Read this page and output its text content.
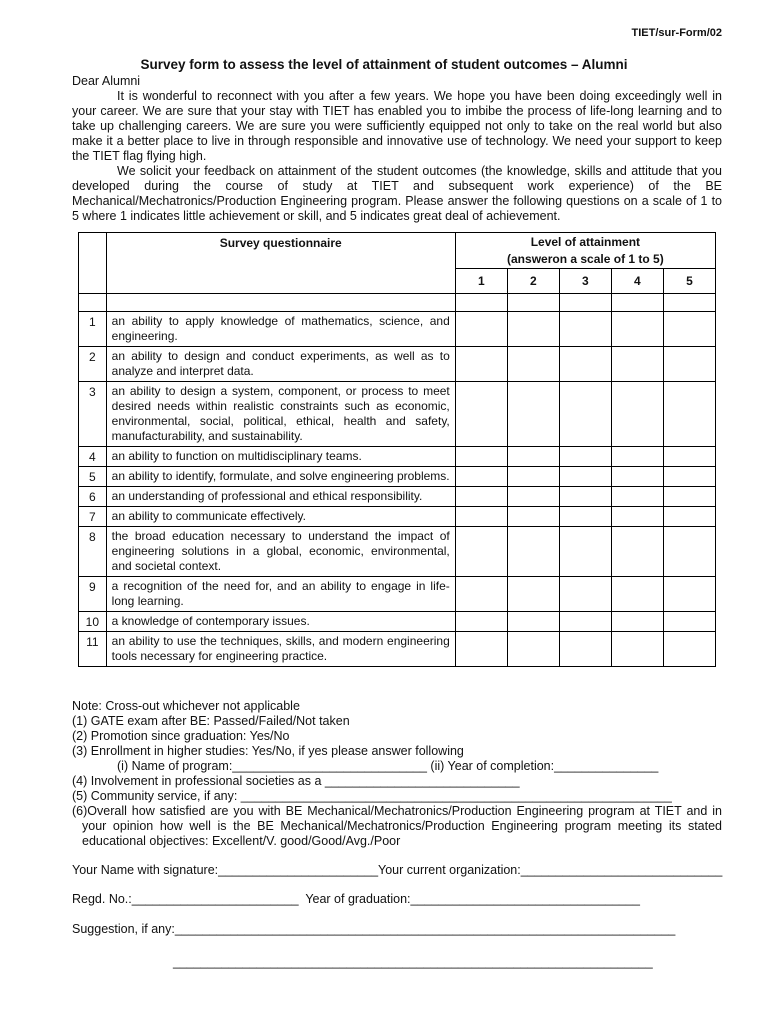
TIET/sur-Form/02
Survey form to assess the level of attainment of student outcomes – Alumni
Dear Alumni

It is wonderful to reconnect with you after a few years. We hope you have been doing exceedingly well in your career. We are sure that your stay with TIET has enabled you to imbibe the process of life-long learning and to take up challenging careers. We are sure you were sufficiently equipped not only to take on the real world but also make it a better place to live in through responsible and innovative use of technology. We need your support to keep the TIET flag flying high.

We solicit your feedback on attainment of the student outcomes (the knowledge, skills and attitude that you developed during the course of study at TIET and subsequent work experience) of the BE Mechanical/Mechatronics/Production Engineering program. Please answer the following questions on a scale of 1 to 5 where 1 indicates little achievement or skill, and 5 indicates great deal of achievement.

	Survey questionnaire	Level of attainment
(answeron a scale of 1 to 5)				

		1	2	3	4	5

1	an ability to apply knowledge of mathematics, science, and engineering.					
2	an ability to design and conduct experiments, as well as to analyze and interpret data.					
3	an ability to design a system, component, or process to meet desired needs within realistic constraints such as economic, environmental, social, political, ethical, health and safety, manufacturability, and sustainability.					
4	an ability to function on multidisciplinary teams.					
5	an ability to identify, formulate, and solve engineering problems.					
6	an understanding of professional and ethical responsibility.					
7	an ability to communicate effectively.					
8	the broad education necessary to understand the impact of engineering solutions in a global, economic, environmental, and societal context.					
9	a recognition of the need for, and an ability to engage in life-long learning.					
10	a knowledge of contemporary issues.					
11	an ability to use the techniques, skills, and modern engineering tools necessary for engineering practice.					
Note: Cross-out whichever not applicable
(1) GATE exam after BE: Passed/Failed/Not taken
(2) Promotion since graduation: Yes/No
(3) Enrollment in higher studies: Yes/No, if yes please answer following
(i) Name of program:____________________________ (ii) Year of completion:_______________
(4) Involvement in professional societies as a ____________________________
(5) Community service, if any: ______________________________________________________________
(6)Overall how satisfied are you with BE Mechanical/Mechatronics/Production Engineering program at TIET and in your opinion how well is the BE Mechanical/Mechatronics/Production Engineering program meeting its stated educational objectives: Excellent/V. good/Good/Avg./Poor
Your Name with signature:_______________________Your current organization:_____________________________
Regd. No.:________________________  Year of graduation:_________________________________
Suggestion, if any:________________________________________________________________________
_____________________________________________________________________
